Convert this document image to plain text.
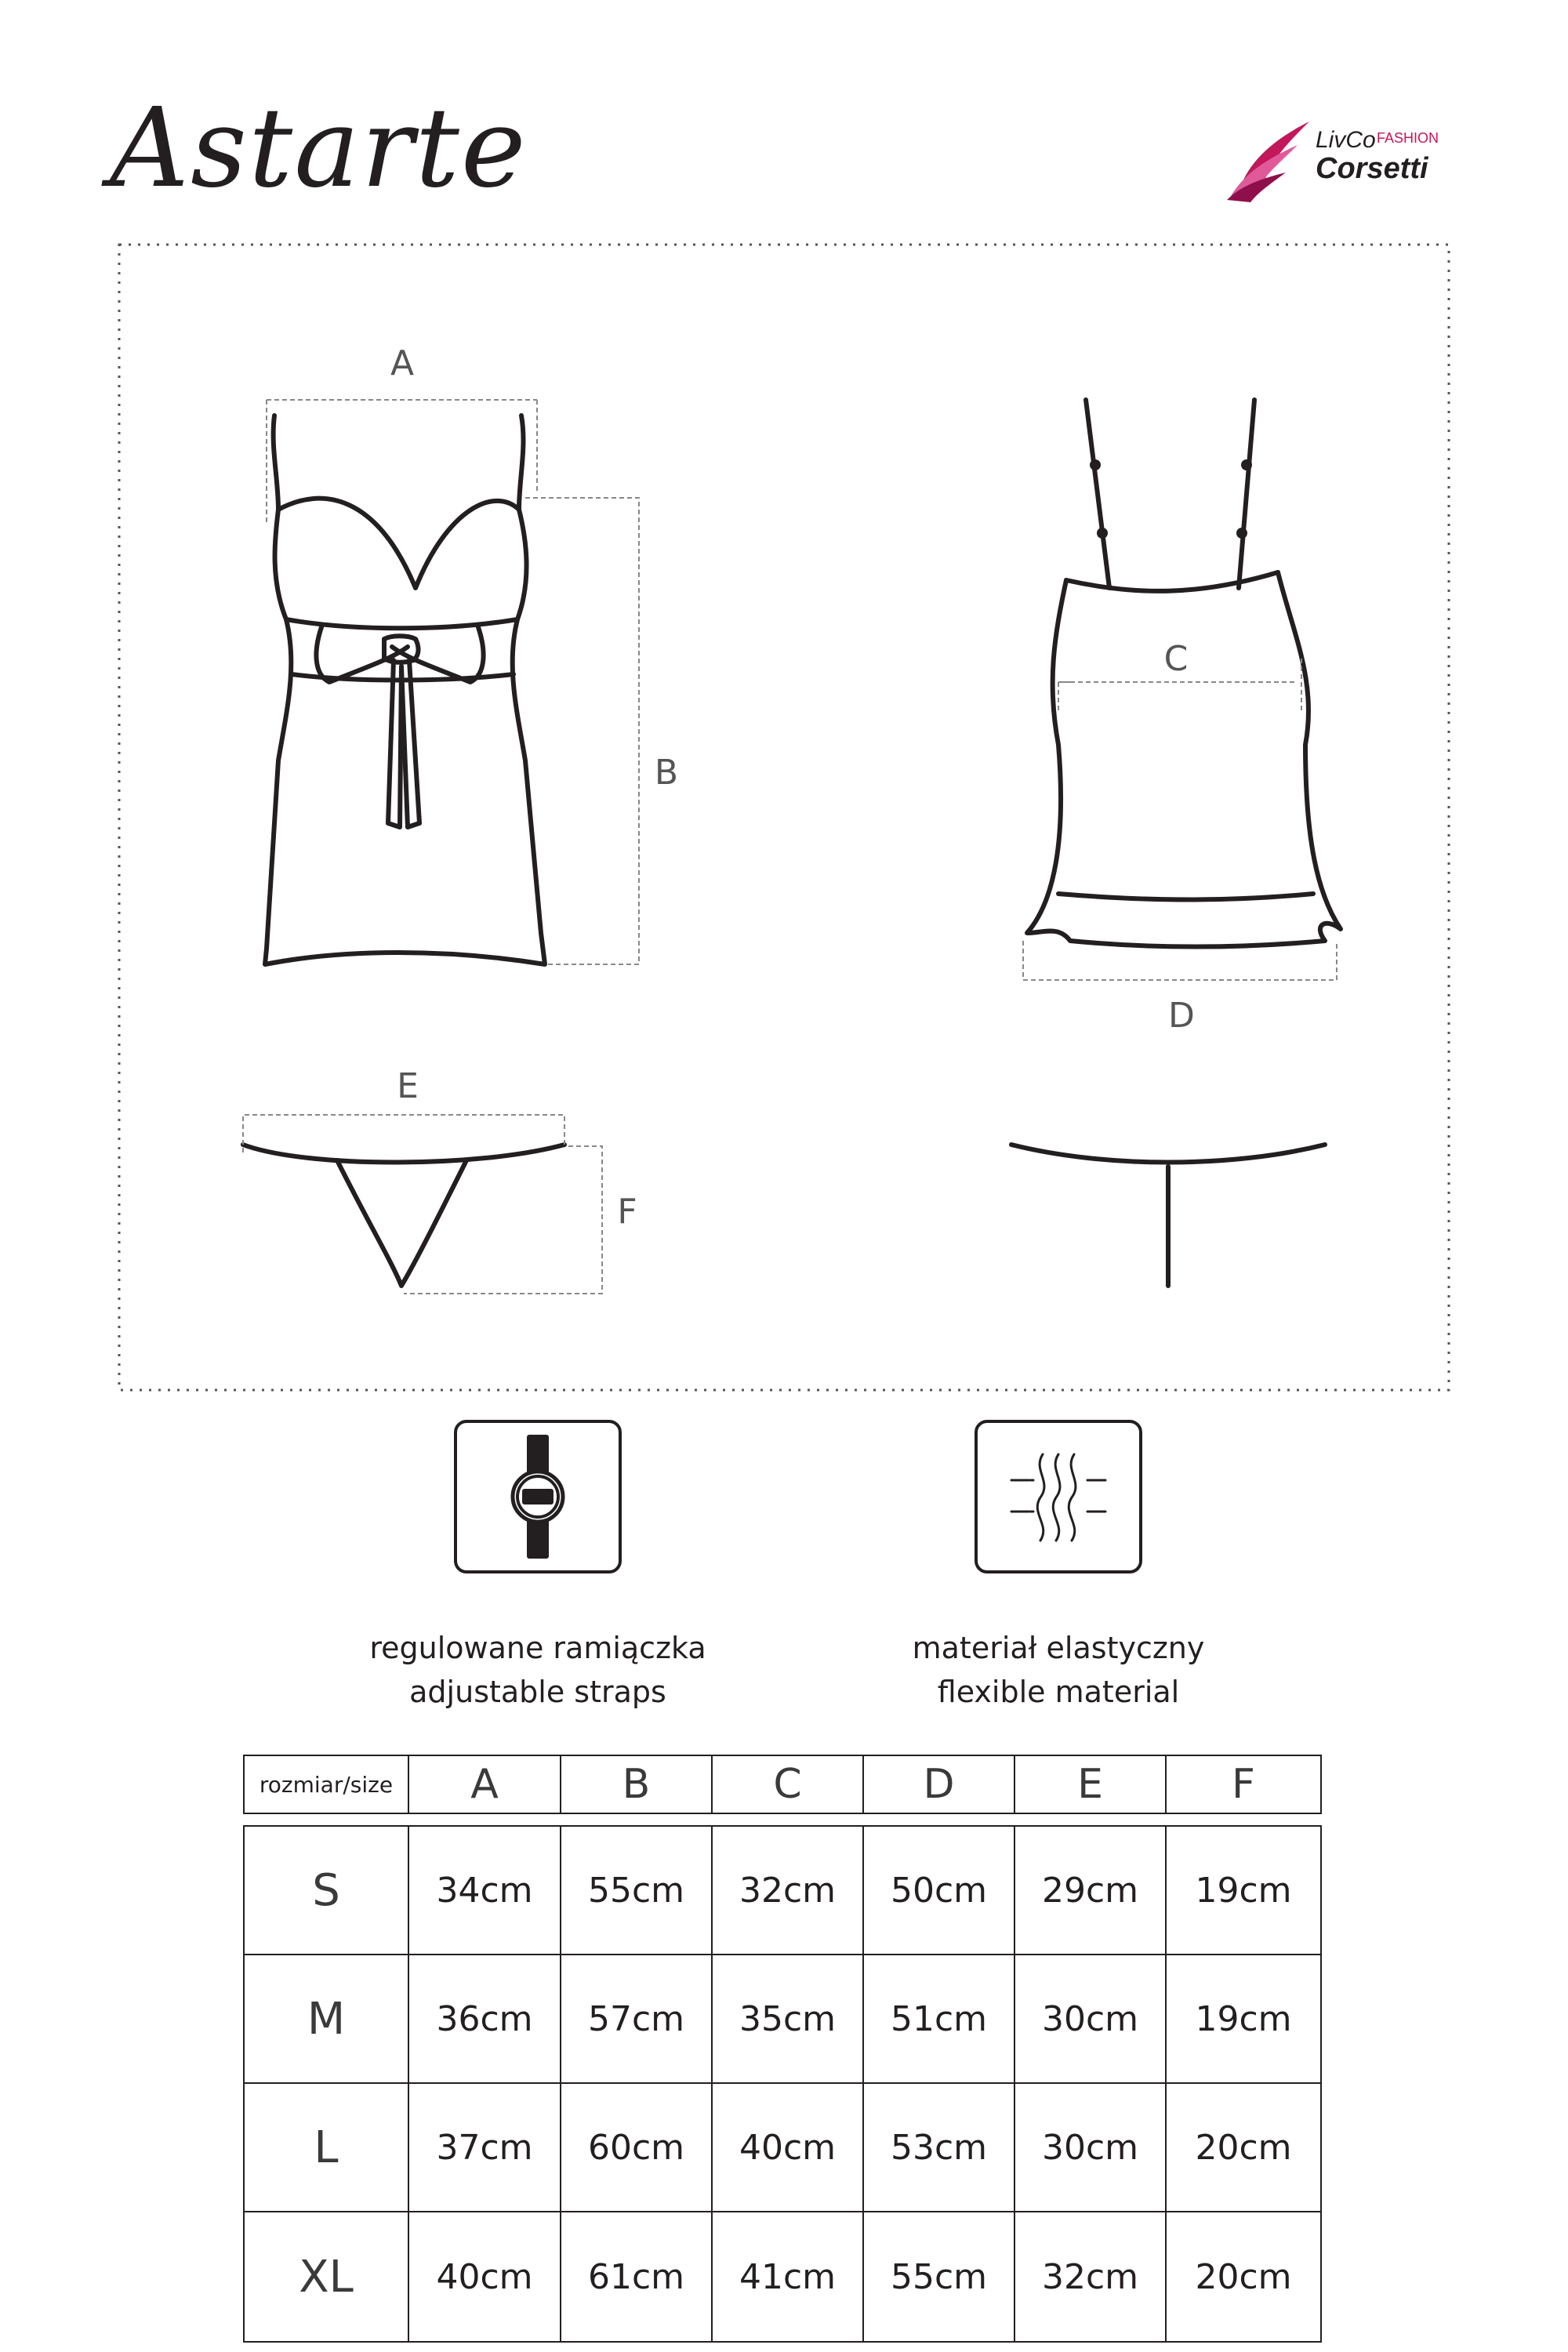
Astarte	LivCo FASHION
Corsetti
A
B
C
D
E
F
regulowane ramiączka
adjustable straps
materiał elastyczny
flexible material
rozmiar/size	A	B	C	D	E	F
S	34cm	55cm	32cm	50cm	29cm	19cm
M	36cm	57cm	35cm	51cm	30cm	19cm
L	37cm	60cm	40cm	53cm	30cm	20cm
XL	40cm	61cm	41cm	55cm	32cm	20cm
